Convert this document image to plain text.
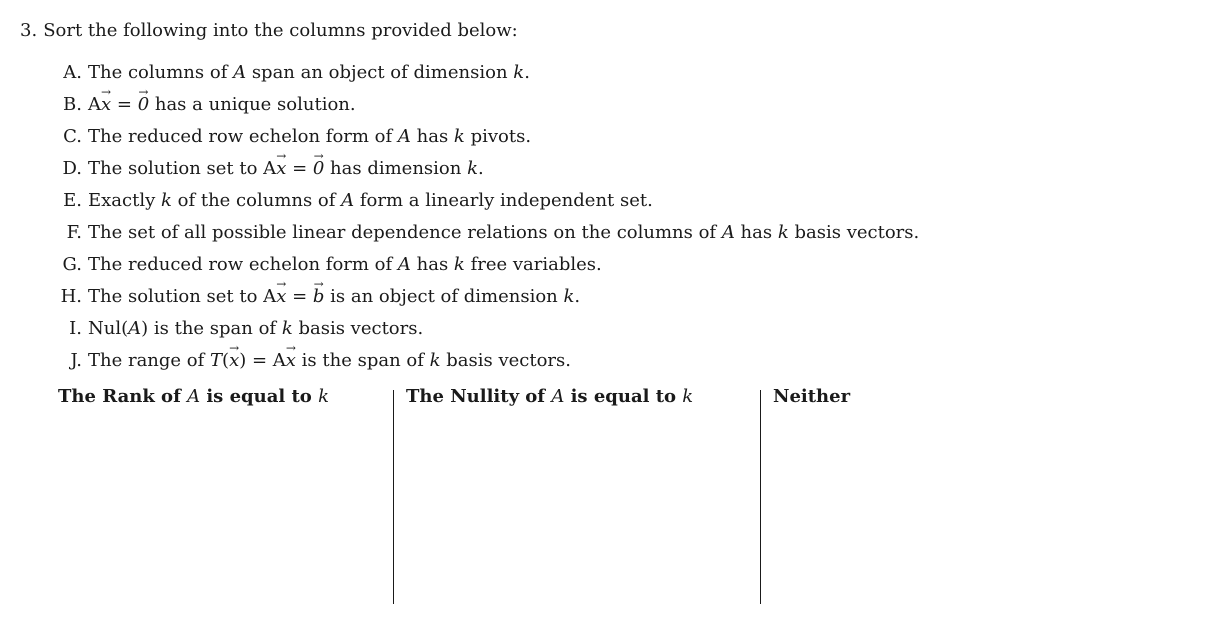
3. Sort the following into the columns provided below:
A. The columns of A span an object of dimension k.
B. A→ x = → 0 has a unique solution.
C. The reduced row echelon form of A has k pivots.
D. The solution set to A→ x = → 0 has dimension k.
E. Exactly k of the columns of A form a linearly independent set.
F. The set of all possible linear dependence relations on the columns of A has k basis vectors.
G. The reduced row echelon form of A has k free variables.
H. The solution set to A→ x = → b is an object of dimension k.
I. Nul(A) is the span of k basis vectors.
J. The range of T(→ x) = A→ x is the span of k basis vectors.
The Rank of A is equal to k	The Nullity of A is equal to k	Neither
